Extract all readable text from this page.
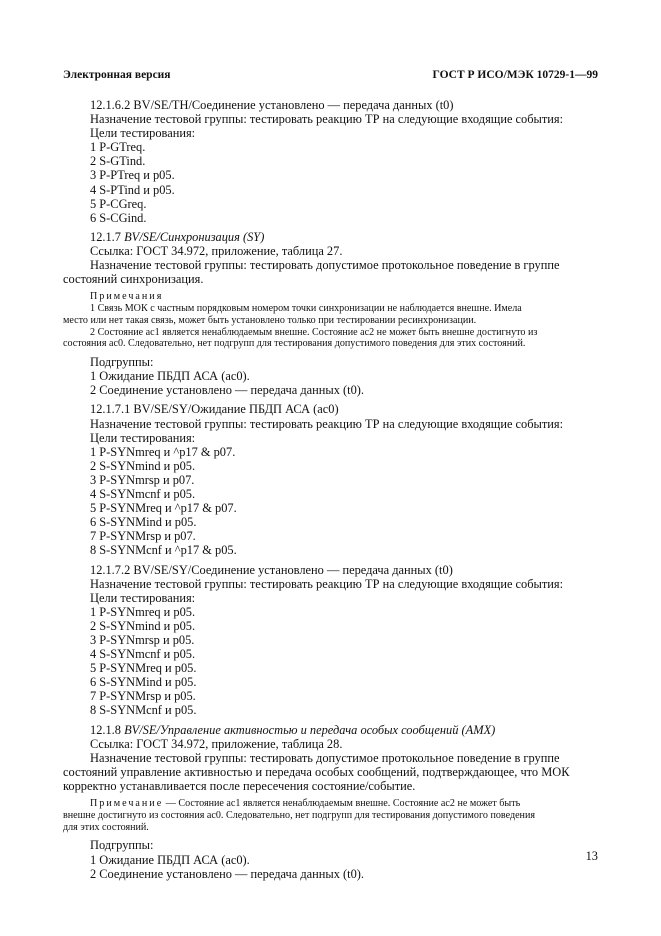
Электронная версия	ГОСТ Р ИСО/МЭК 10729-1—99
12.1.6.2 BV/SE/TH/Соединение установлено — передача данных (t0)
Назначение тестовой группы: тестировать реакцию ТР на следующие входящие события:
Цели тестирования:
1 P-GTreq.
2 S-GTind.
3 P-PTreq и p05.
4 S-PTind и p05.
5 P-CGreq.
6 S-CGind.
12.1.7 BV/SE/Синхронизация (SY)
Ссылка: ГОСТ 34.972, приложение, таблица 27.
Назначение тестовой группы: тестировать допустимое протокольное поведение в группе
состояний синхронизация.
Примечания
1 Связь МОК с частным порядковым номером точки синхронизации не наблюдается внешне. Имела
место или нет такая связь, может быть установлено только при тестировании ресинхронизации.
2 Состояние ac1 является ненаблюдаемым внешне. Состояние ac2 не может быть внешне достигнуто из
состояния ac0. Следовательно, нет подгрупп для тестирования допустимого поведения для этих состояний.
Подгруппы:
1 Ожидание ПБДП АСА (ac0).
2 Соединение установлено — передача данных (t0).
12.1.7.1 BV/SE/SY/Ожидание ПБДП АСА (ac0)
Назначение тестовой группы: тестировать реакцию ТР на следующие входящие события:
Цели тестирования:
1 P-SYNmreq и ^p17 & p07.
2 S-SYNmind и p05.
3 P-SYNmrsp и p07.
4 S-SYNmcnf и p05.
5 P-SYNMreq и ^p17 & p07.
6 S-SYNMind и p05.
7 P-SYNMrsp и p07.
8 S-SYNMcnf и ^p17 & p05.
12.1.7.2 BV/SE/SY/Соединение установлено — передача данных (t0)
Назначение тестовой группы: тестировать реакцию ТР на следующие входящие события:
Цели тестирования:
1 P-SYNmreq и p05.
2 S-SYNmind и p05.
3 P-SYNmrsp и p05.
4 S-SYNmcnf и p05.
5 P-SYNMreq и p05.
6 S-SYNMind и p05.
7 P-SYNMrsp и p05.
8 S-SYNMcnf и p05.
12.1.8 BV/SE/Управление активностью и передача особых сообщений (AMX)
Ссылка: ГОСТ 34.972, приложение, таблица 28.
Назначение тестовой группы: тестировать допустимое протокольное поведение в группе
состояний управление активностью и передача особых сообщений, подтверждающее, что МОК
корректно устанавливается после пересечения состояние/событие.
Примечание — Состояние ac1 является ненаблюдаемым внешне. Состояние ac2 не может быть
внешне достигнуто из состояния ac0. Следовательно, нет подгрупп для тестирования допустимого поведения
для этих состояний.
Подгруппы:
1 Ожидание ПБДП АСА (ac0).
2 Соединение установлено — передача данных (t0).
13
